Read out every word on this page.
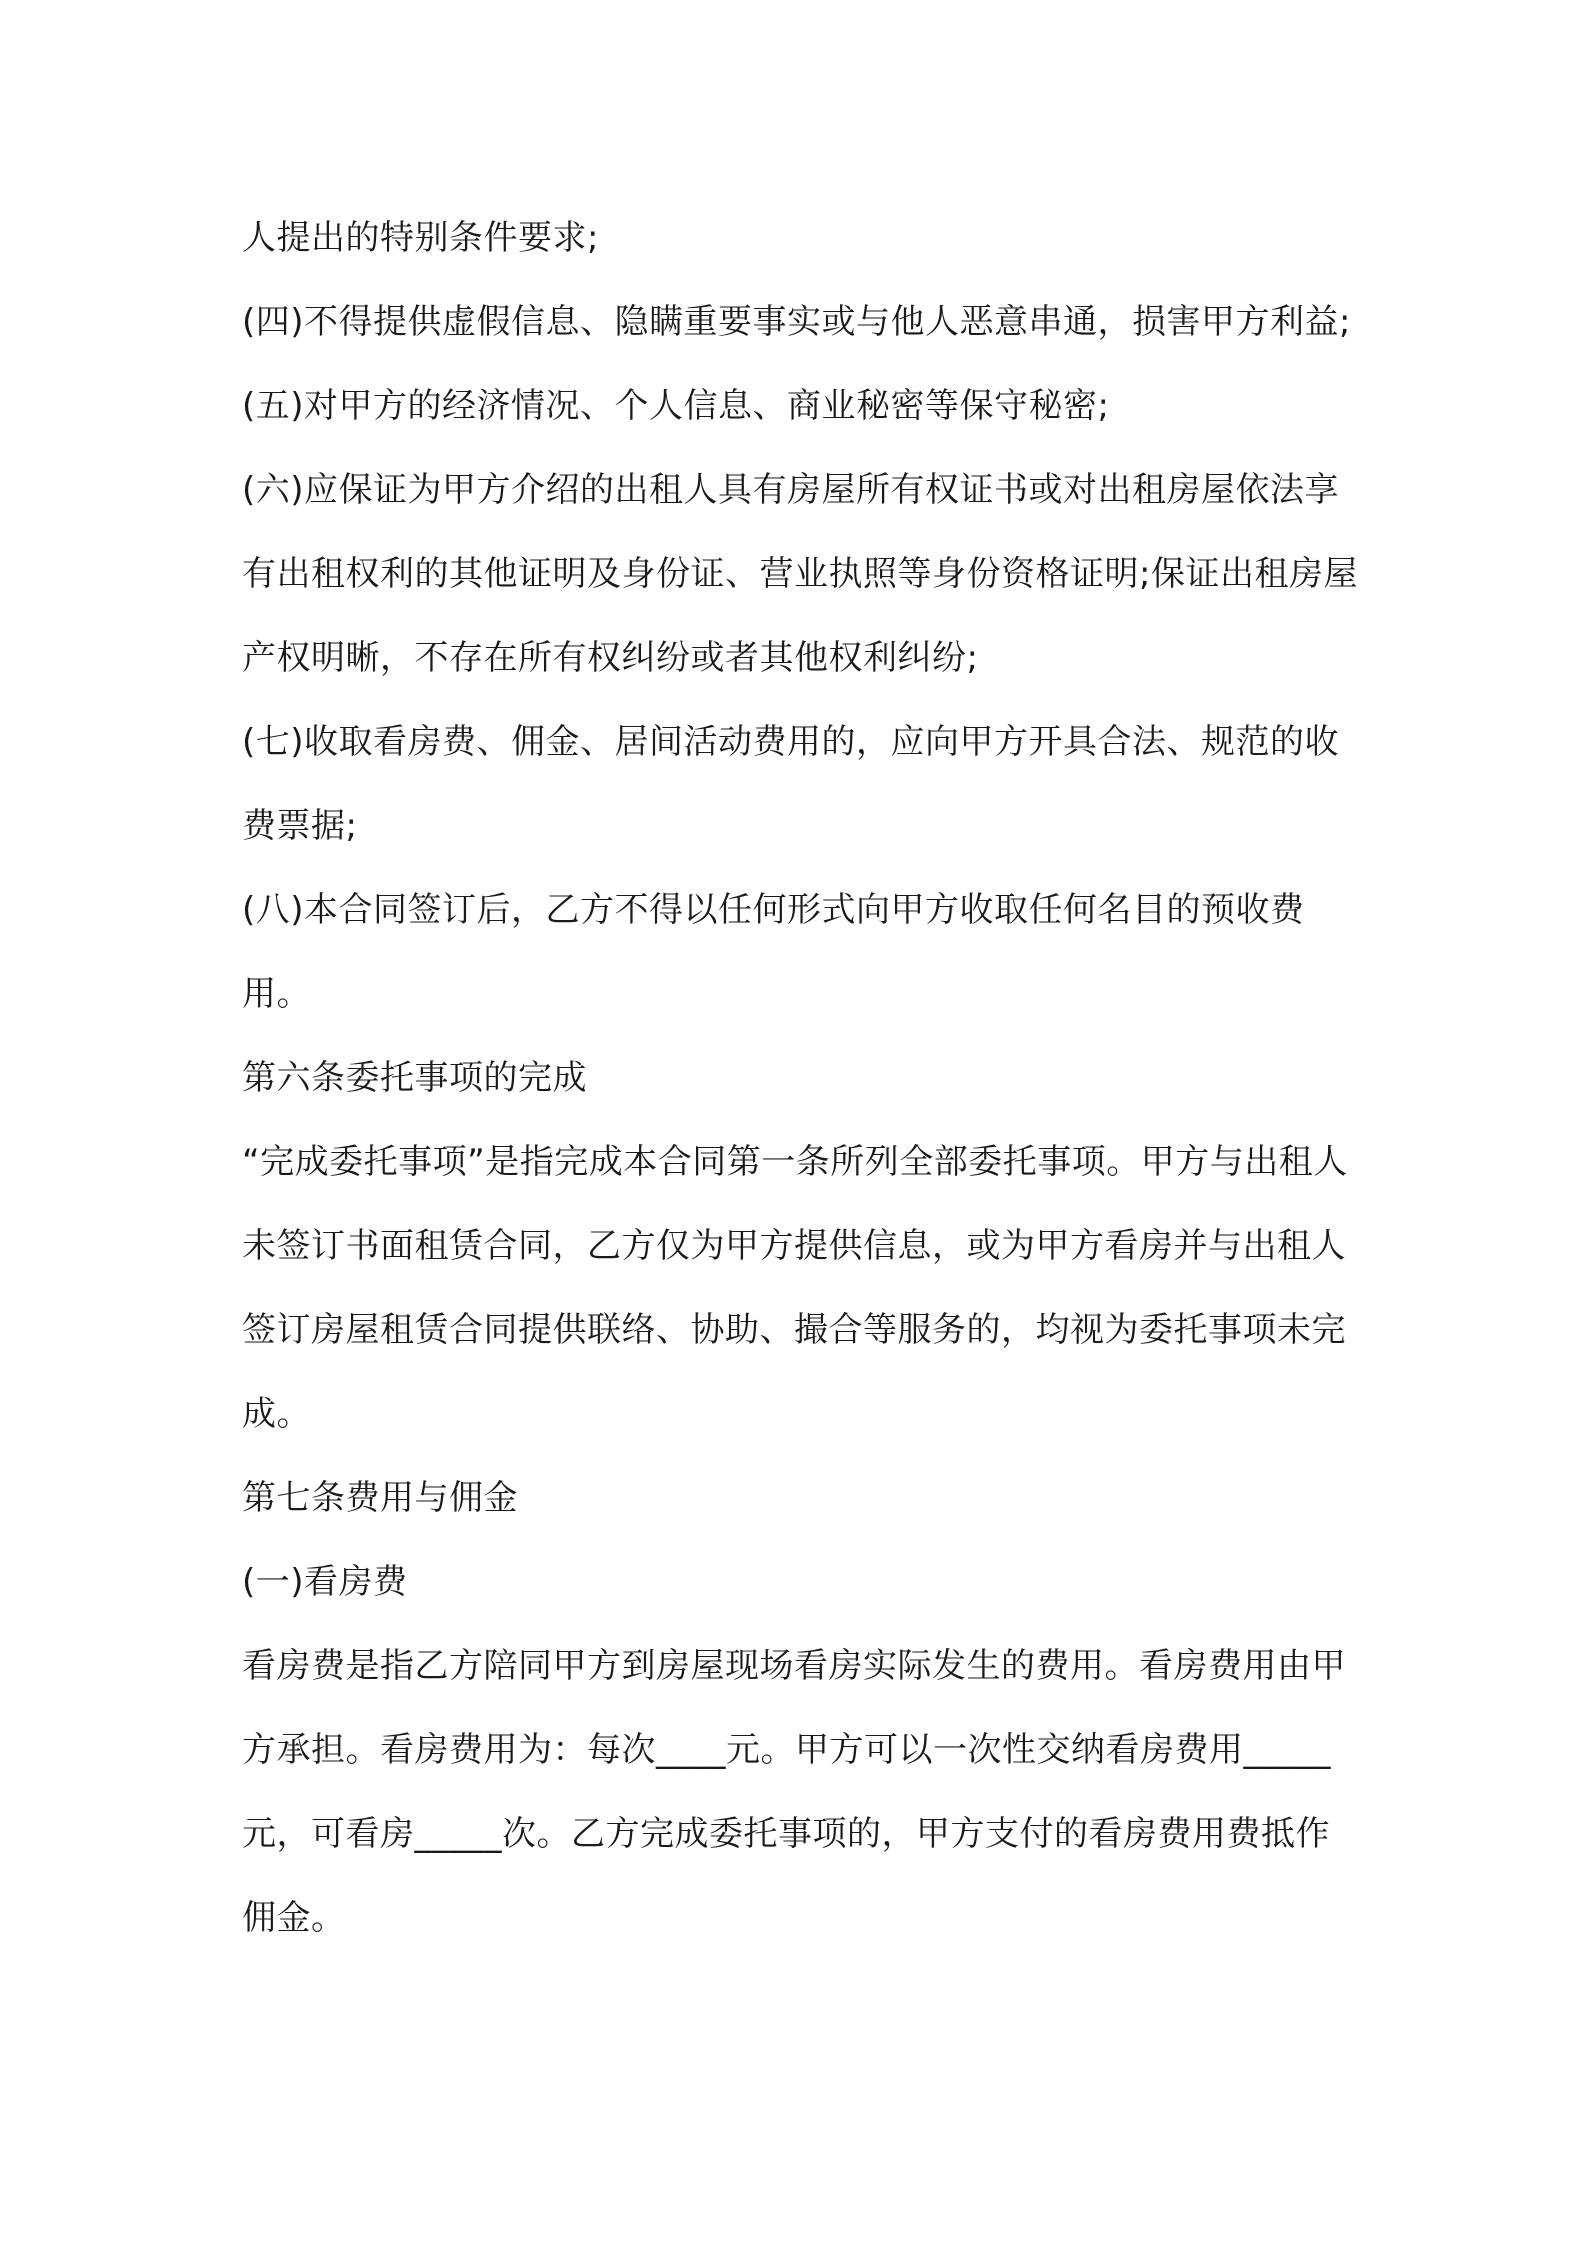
人提出的特别条件要求;

(四)不得提供虚假信息、隐瞒重要事实或与他人恶意串通，损害甲方利益;

(五)对甲方的经济情况、个人信息、商业秘密等保守秘密;

(六)应保证为甲方介绍的出租人具有房屋所有权证书或对出租房屋依法享有出租权利的其他证明及身份证、营业执照等身份资格证明;保证出租房屋产权明晰，不存在所有权纠纷或者其他权利纠纷;

(七)收取看房费、佣金、居间活动费用的，应向甲方开具合法、规范的收费票据;

(八)本合同签订后，乙方不得以任何形式向甲方收取任何名目的预收费用。

第六条委托事项的完成

“完成委托事项”是指完成本合同第一条所列全部委托事项。甲方与出租人未签订书面租赁合同，乙方仅为甲方提供信息，或为甲方看房并与出租人签订房屋租赁合同提供联络、协助、撮合等服务的，均视为委托事项未完成。

第七条费用与佣金

(一)看房费

看房费是指乙方陪同甲方到房屋现场看房实际发生的费用。看房费用由甲方承担。看房费用为：每次____元。甲方可以一次性交纳看房费用_____元，可看房_____次。乙方完成委托事项的，甲方支付的看房费用费抵作佣金。
